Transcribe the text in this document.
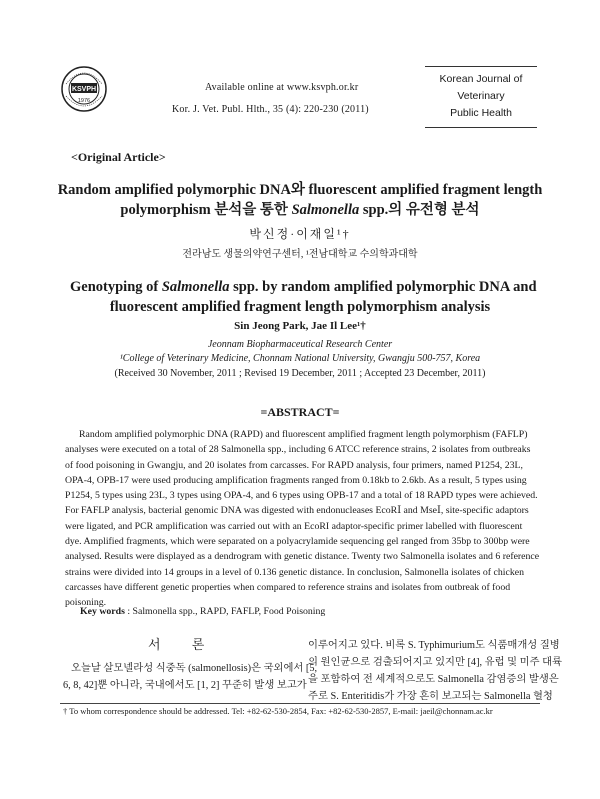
KSVPH
1976
Available online at www.ksvph.or.kr
Kor. J. Vet. Publ. Hlth., 35 (4): 220-230 (2011)
Korean Journal of
Veterinary
Public Health
<Original Article>
Random amplified polymorphic DNA와 fluorescent amplified fragment length
polymorphism 분석을 통한 Salmonella spp.의 유전형 분석
박신정·이재일¹†
전라남도 생물의약연구센터, ¹전남대학교 수의학과대학
Genotyping of Salmonella spp. by random amplified polymorphic DNA and
fluorescent amplified fragment length polymorphism analysis
Sin Jeong Park, Jae Il Lee¹†
Jeonnam Biopharmaceutical Research Center
¹College of Veterinary Medicine, Chonnam National University, Gwangju 500-757, Korea
(Received 30 November, 2011 ; Revised 19 December, 2011 ; Accepted 23 December, 2011)
=ABSTRACT=
Random amplified polymorphic DNA (RAPD) and fluorescent amplified fragment length polymorphism (FAFLP)
analyses were executed on a total of 28 Salmonella spp., including 6 ATCC reference strains, 2 isolates from outbreaks
of food poisoning in Gwangju, and 20 isolates from carcasses. For RAPD analysis, four primers, named P1254, 23L,
OPA-4, OPB-17 were used producing amplification fragments ranged from 0.18kb to 2.6kb. As a result, 5 types using
P1254, 5 types using 23L, 3 types using OPA-4, and 6 types using OPB-17 and a total of 18 RAPD types were achieved.
For FAFLP analysis, bacterial genomic DNA was digested with endonucleases EcoRⅠ and MseⅠ, site-specific adaptors
were ligated, and PCR amplification was carried out with an EcoRI adaptor-specific primer labelled with fluorescent
dye. Amplified fragments, which were separated on a polyacrylamide sequencing gel ranged from 35bp to 300bp were
analysed. Results were displayed as a dendrogram with genetic distance. Twenty two Salmonella isolates and 6 reference
strains were divided into 14 groups in a level of 0.136 genetic distance. In conclusion, Salmonella isolates of chicken
carcasses have different genetic properties when compared to reference strains and isolates from outbreak of food
poisoning.
Key words : Salmonella spp., RAPD, FAFLP, Food Poisoning
서 론
오늘날 살모넬라성 식중독 (salmonellosis)은 국외에서 [5,
6, 8, 42]뿐 아니라, 국내에서도 [1, 2] 꾸준히 발생 보고가
이루어지고 있다. 비록 S. Typhimurium도 식품매개성 질병
의 원인균으로 검출되어지고 있지만 [4], 유럽 및 미주 대륙
을 포함하여 전 세계적으로도 Salmonella 감염증의 발생은
주로 S. Enteritidis가 가장 흔히 보고되는 Salmonella 혈청
† To whom correspondence should be addressed. Tel: +82-62-530-2854, Fax: +82-62-530-2857, E-mail: jaeil@chonnam.ac.kr
